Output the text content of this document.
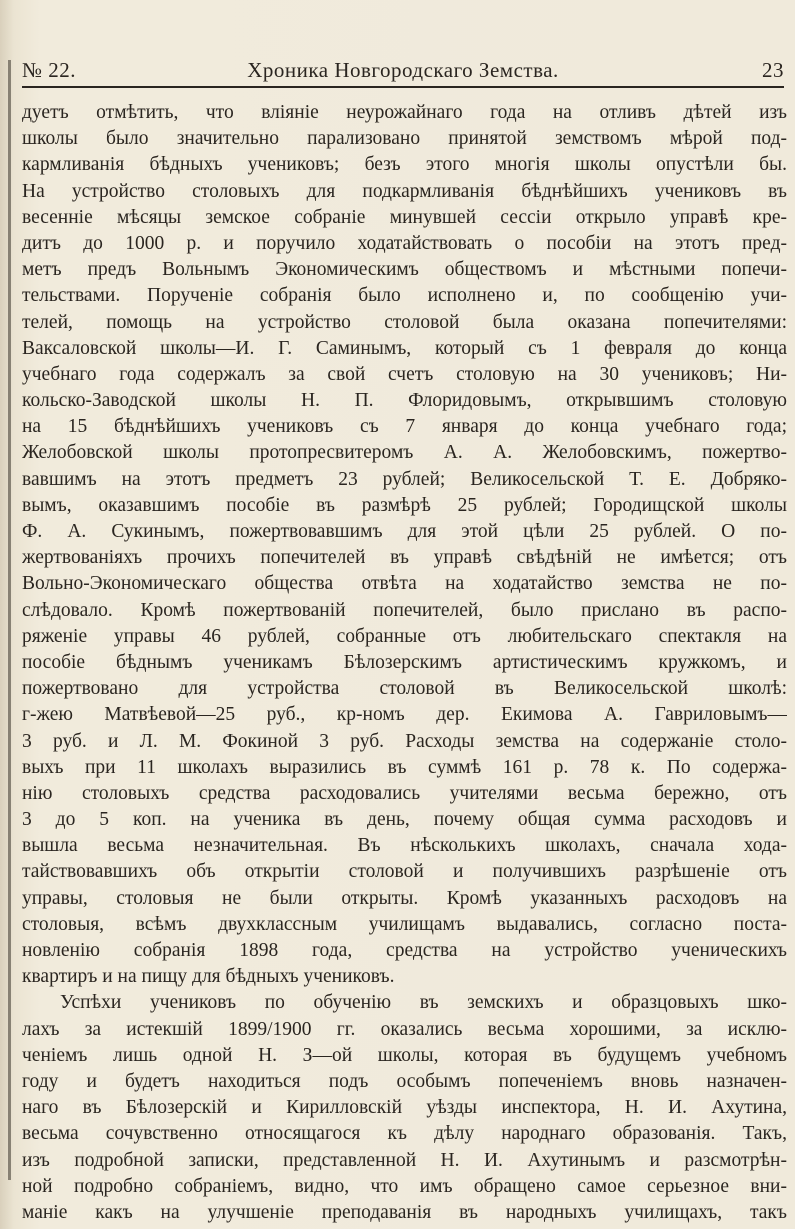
№ 22.	Хроника Новгородскаго Земства.	23
дуетъ отмѣтить, что вліяніе неурожайнаго года на отливъ дѣтей изъ
школы было значительно парализовано принятой земствомъ мѣрой под-
кармливанія бѣдныхъ учениковъ; безъ этого многія школы опустѣли бы.
На устройство столовыхъ для подкармливанія бѣднѣйшихъ учениковъ въ
весенніе мѣсяцы земское собраніе минувшей сессіи открыло управѣ кре-
дитъ до 1000 р. и поручило ходатайствовать о пособіи на этотъ пред-
метъ предъ Вольнымъ Экономическимъ обществомъ и мѣстными попечи-
тельствами. Порученіе собранія было исполнено и, по сообщенію учи-
телей, помощь на устройство столовой была оказана попечителями:
Ваксаловской школы—И. Г. Саминымъ, который съ 1 февраля до конца
учебнаго года содержалъ за свой счетъ столовую на 30 учениковъ; Ни-
кольско-Заводской школы Н. П. Флоридовымъ, открывшимъ столовую
на 15 бѣднѣйшихъ учениковъ съ 7 января до конца учебнаго года;
Желобовской школы протопресвитеромъ А. А. Желобовскимъ, пожертво-
вавшимъ на этотъ предметъ 23 рублей; Великосельской Т. Е. Добряко-
вымъ, оказавшимъ пособіе въ размѣрѣ 25 рублей; Городищской школы
Ф. А. Сукинымъ, пожертвовавшимъ для этой цѣли 25 рублей. О по-
жертвованіяхъ прочихъ попечителей въ управѣ свѣдѣній не имѣется; отъ
Вольно-Экономическаго общества отвѣта на ходатайство земства не по-
слѣдовало. Кромѣ пожертвованій попечителей, было прислано въ распо-
ряженіе управы 46 рублей, собранные отъ любительскаго спектакля на
пособіе бѣднымъ ученикамъ Бѣлозерскимъ артистическимъ кружкомъ, и
пожертвовано для устройства столовой въ Великосельской школѣ:
г-жею Матвѣевой—25 руб., кр-номъ дер. Екимова А. Гавриловымъ—
3 руб. и Л. М. Фокиной 3 руб. Расходы земства на содержаніе столо-
выхъ при 11 школахъ выразились въ суммѣ 161 р. 78 к. По содержа-
нію столовыхъ средства расходовались учителями весьма бережно, отъ
3 до 5 коп. на ученика въ день, почему общая сумма расходовъ и
вышла весьма незначительная. Въ нѣсколькихъ школахъ, сначала хода-
тайствовавшихъ объ открытіи столовой и получившихъ разрѣшеніе отъ
управы, столовыя не были открыты. Кромѣ указанныхъ расходовъ на
столовыя, всѣмъ двухклассным училищамъ выдавались, согласно поста-
новленію собранія 1898 года, средства на устройство ученическихъ
квартиръ и на пищу для бѣдныхъ учениковъ.
Успѣхи учениковъ по обученію въ земскихъ и образцовыхъ шко-
лахъ за истекшій 1899/1900 гг. оказались весьма хорошими, за исклю-
ченіемъ лишь одной Н. З—ой школы, которая въ будущемъ учебномъ
году и будетъ находиться подъ особымъ попеченіемъ вновь назначен-
наго въ Бѣлозерскій и Кирилловскій уѣзды инспектора, Н. И. Ахутина,
весьма сочувственно относящагося къ дѣлу народнаго образованія. Такъ,
изъ подробной записки, представленной Н. И. Ахутинымъ и разсмотрѣн-
ной подробно собраніемъ, видно, что имъ обращено самое серьезное вни-
маніе какъ на улучшеніе преподаванія въ народныхъ училищахъ, такъ
